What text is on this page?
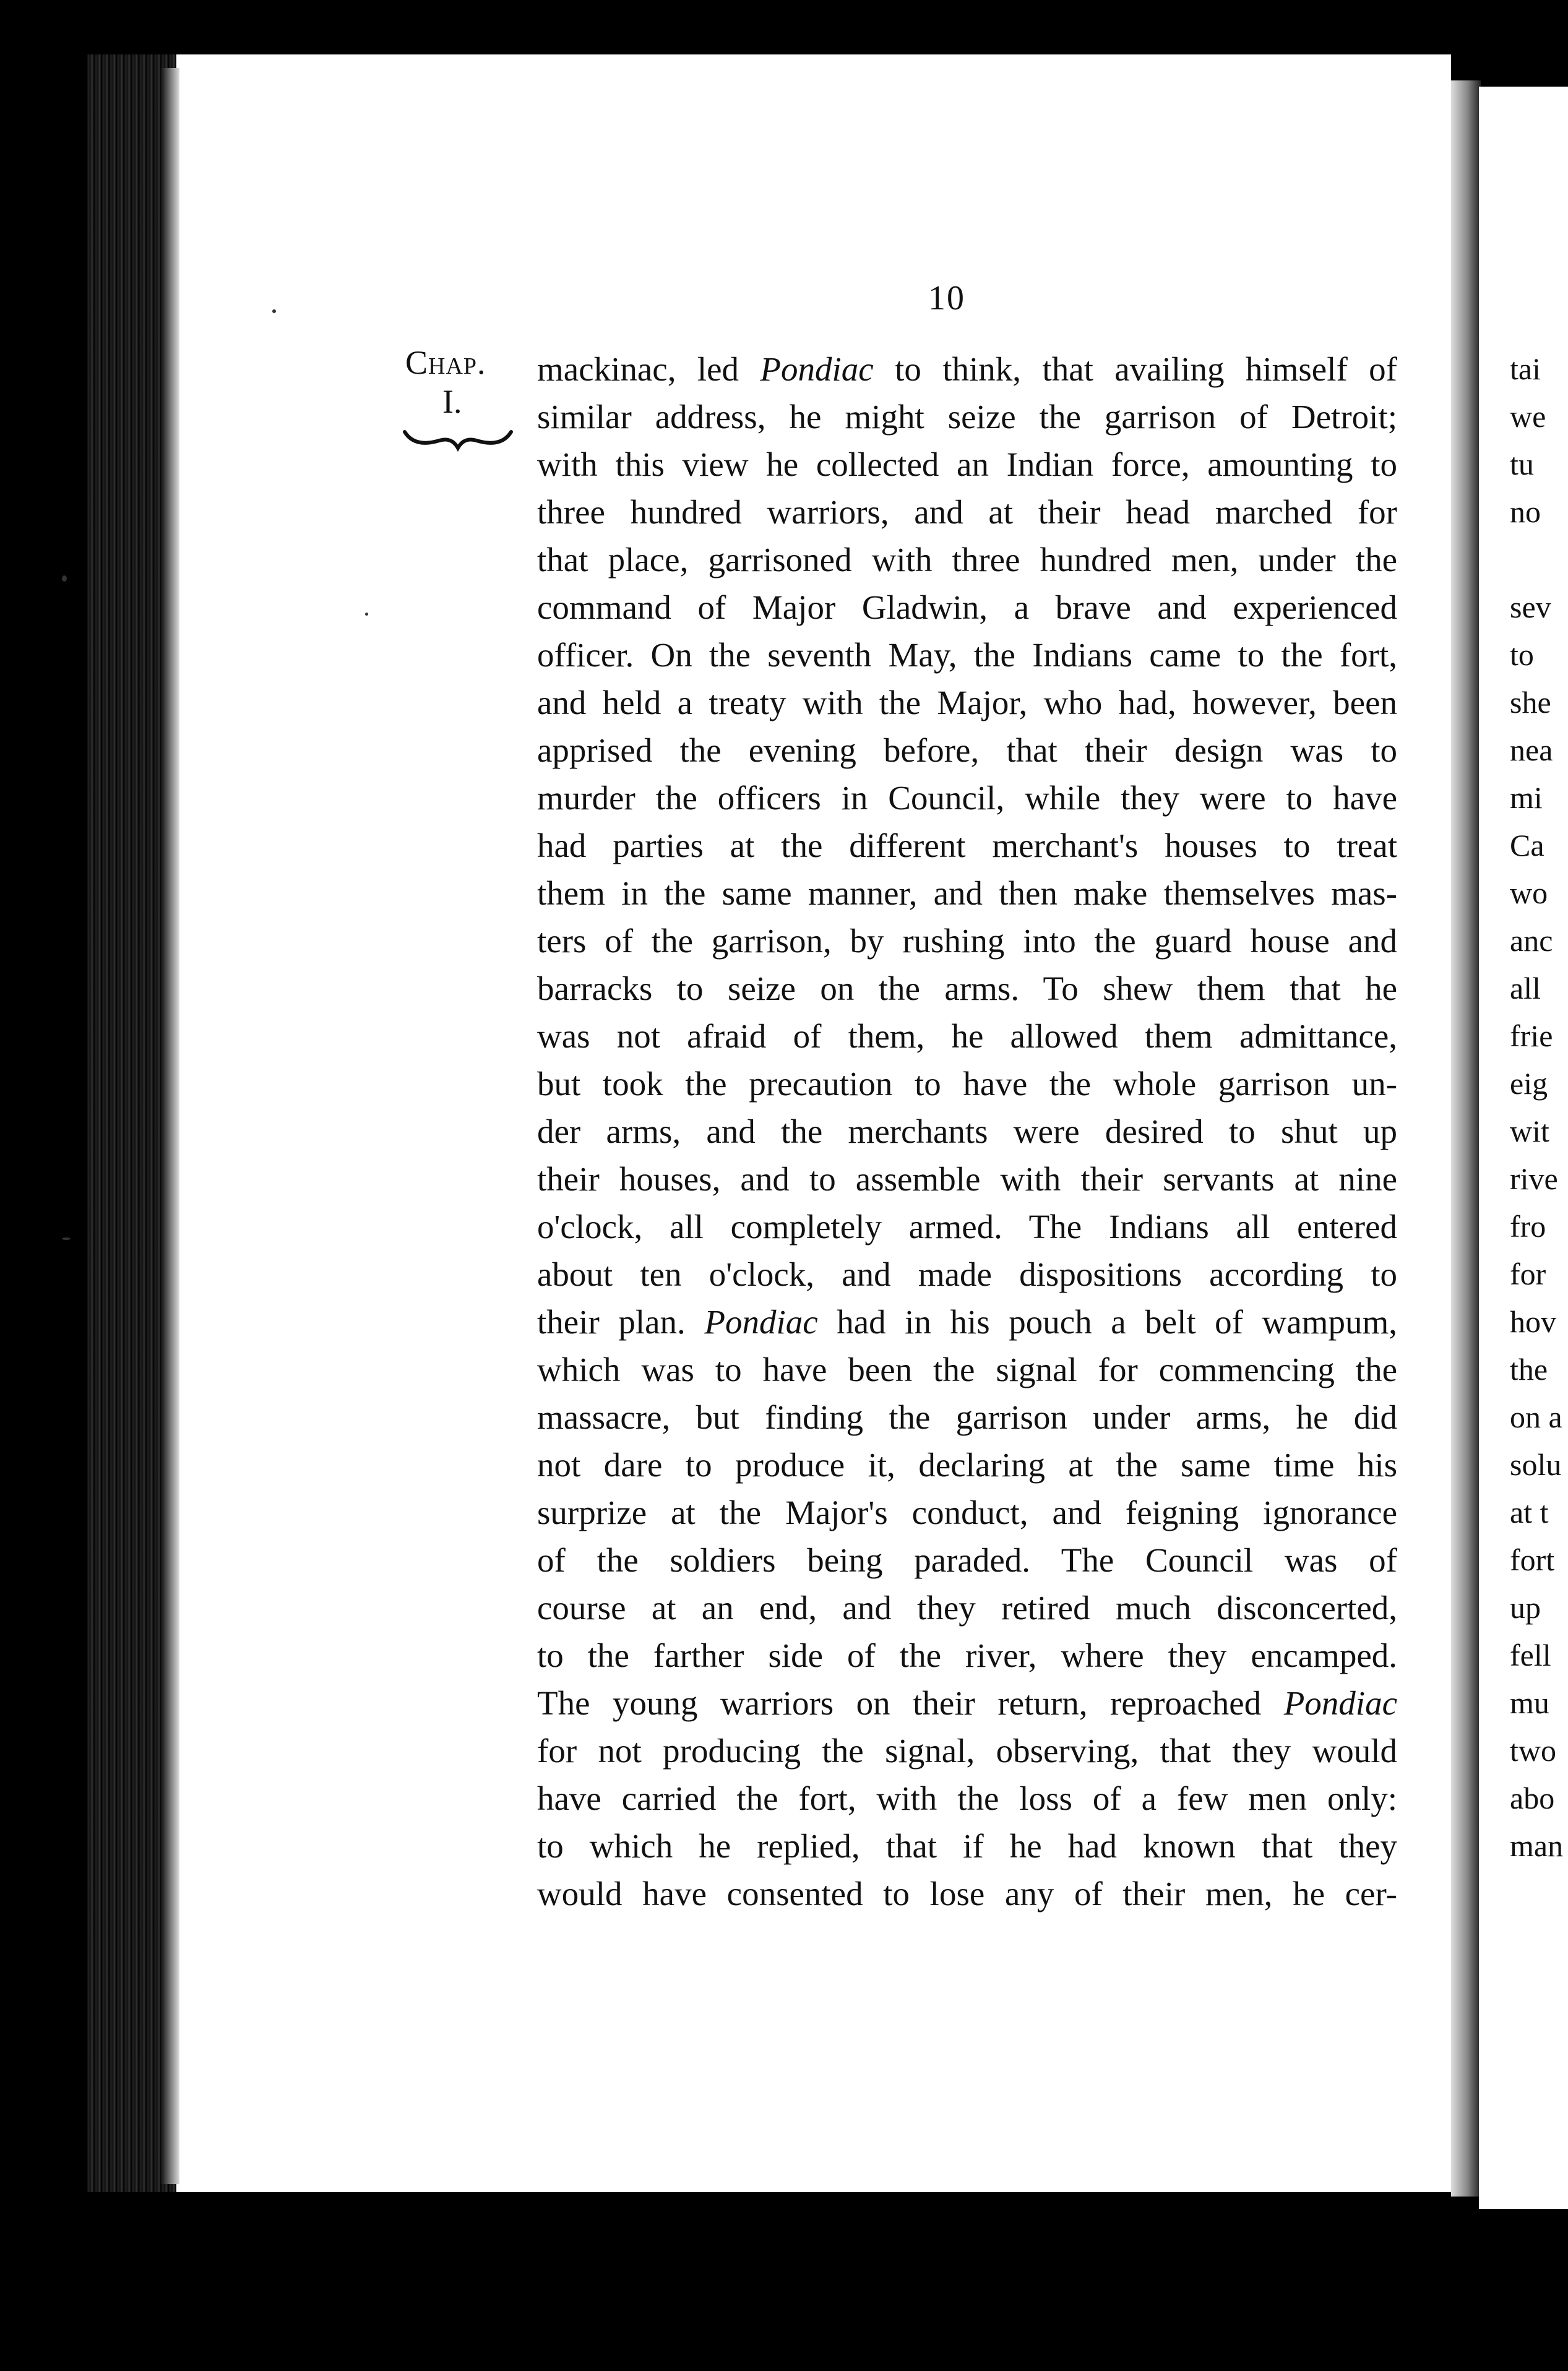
10
Chap.
I.
mackinac, led Pondiac to think, that availing himself of
similar address, he might seize the garrison of Detroit;
with this view he collected an Indian force, amounting to
three hundred warriors, and at their head marched for
that place, garrisoned with three hundred men, under the
command of Major Gladwin, a brave and experienced
officer. On the seventh May, the Indians came to the fort,
and held a treaty with the Major, who had, however, been
apprised the evening before, that their design was to
murder the officers in Council, while they were to have
had parties at the different merchant's houses to treat
them in the same manner, and then make themselves mas-
ters of the garrison, by rushing into the guard house and
barracks to seize on the arms. To shew them that he
was not afraid of them, he allowed them admittance,
but took the precaution to have the whole garrison un-
der arms, and the merchants were desired to shut up
their houses, and to assemble with their servants at nine
o'clock, all completely armed. The Indians all entered
about ten o'clock, and made dispositions according to
their plan. Pondiac had in his pouch a belt of wampum,
which was to have been the signal for commencing the
massacre, but finding the garrison under arms, he did
not dare to produce it, declaring at the same time his
surprize at the Major's conduct, and feigning ignorance
of the soldiers being paraded. The Council was of
course at an end, and they retired much disconcerted,
to the farther side of the river, where they encamped.
The young warriors on their return, reproached Pondiac
for not producing the signal, observing, that they would
have carried the fort, with the loss of a few men only:
to which he replied, that if he had known that they
would have consented to lose any of their men, he cer-
tai
we
tu
no
sev
to
she
nea
mi
Ca
wo
anc
all
frie
eig
wit
rive
fro
for
hov
the
on a
solu
at t
fort
up
fell
mu
two
abo
man
